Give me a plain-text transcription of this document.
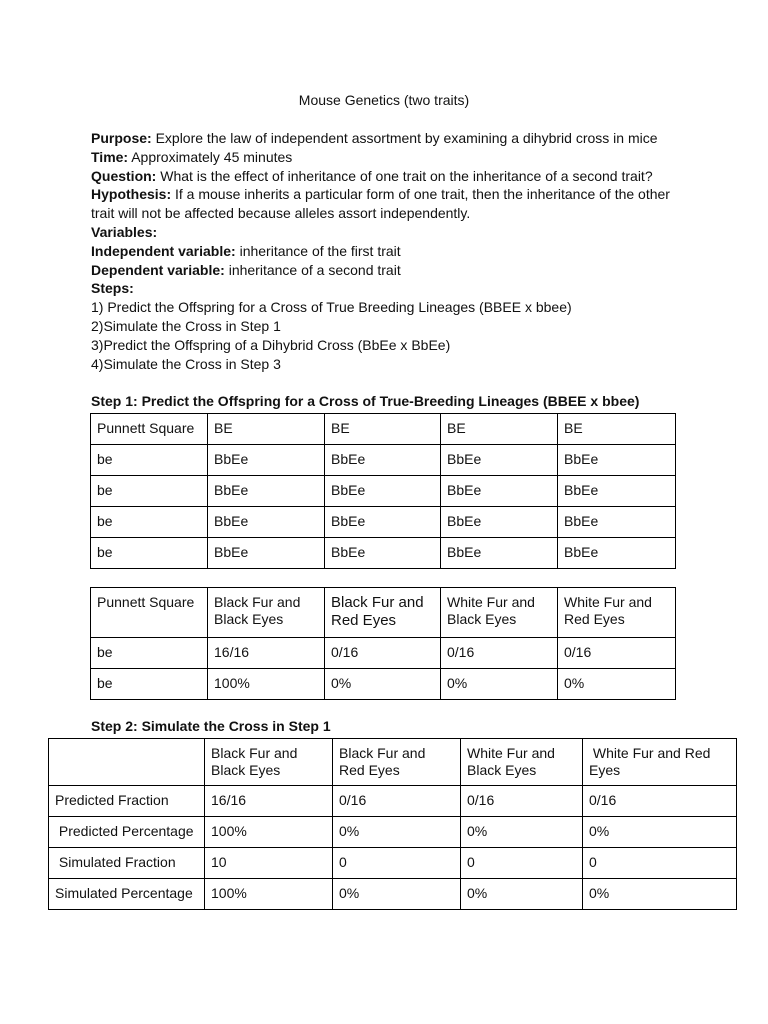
Mouse Genetics (two traits)
Purpose: Explore the law of independent assortment by examining a dihybrid cross in mice
Time: Approximately 45 minutes
Question: What is the effect of inheritance of one trait on the inheritance of a second trait?
Hypothesis: If a mouse inherits a particular form of one trait, then the inheritance of the other trait will not be affected because alleles assort independently.
Variables:
Independent variable: inheritance of the first trait
Dependent variable: inheritance of a second trait
Steps:
1) Predict the Offspring for a Cross of True Breeding Lineages (BBEE x bbee)
2)Simulate the Cross in Step 1
3)Predict the Offspring of a Dihybrid Cross (BbEe x BbEe)
4)Simulate the Cross in Step 3
Step 1: Predict the Offspring for a Cross of True-Breeding Lineages (BBEE x bbee)
Punnett Square	BE	BE	BE	BE
be	BbEe	BbEe	BbEe	BbEe
be	BbEe	BbEe	BbEe	BbEe
be	BbEe	BbEe	BbEe	BbEe
be	BbEe	BbEe	BbEe	BbEe
Punnett Square	Black Fur and Black Eyes	Black Fur and Red Eyes	White Fur and Black Eyes	White Fur and Red Eyes
be	16/16	0/16	0/16	0/16
be	100%	0%	0%	0%
Step 2: Simulate the Cross in Step 1
	Black Fur and Black Eyes	Black Fur and Red Eyes	White Fur and Black Eyes	White Fur and Red Eyes
Predicted Fraction	16/16	0/16	0/16	0/16
Predicted Percentage	100%	0%	0%	0%
Simulated Fraction	10	0	0	0
Simulated Percentage	100%	0%	0%	0%
